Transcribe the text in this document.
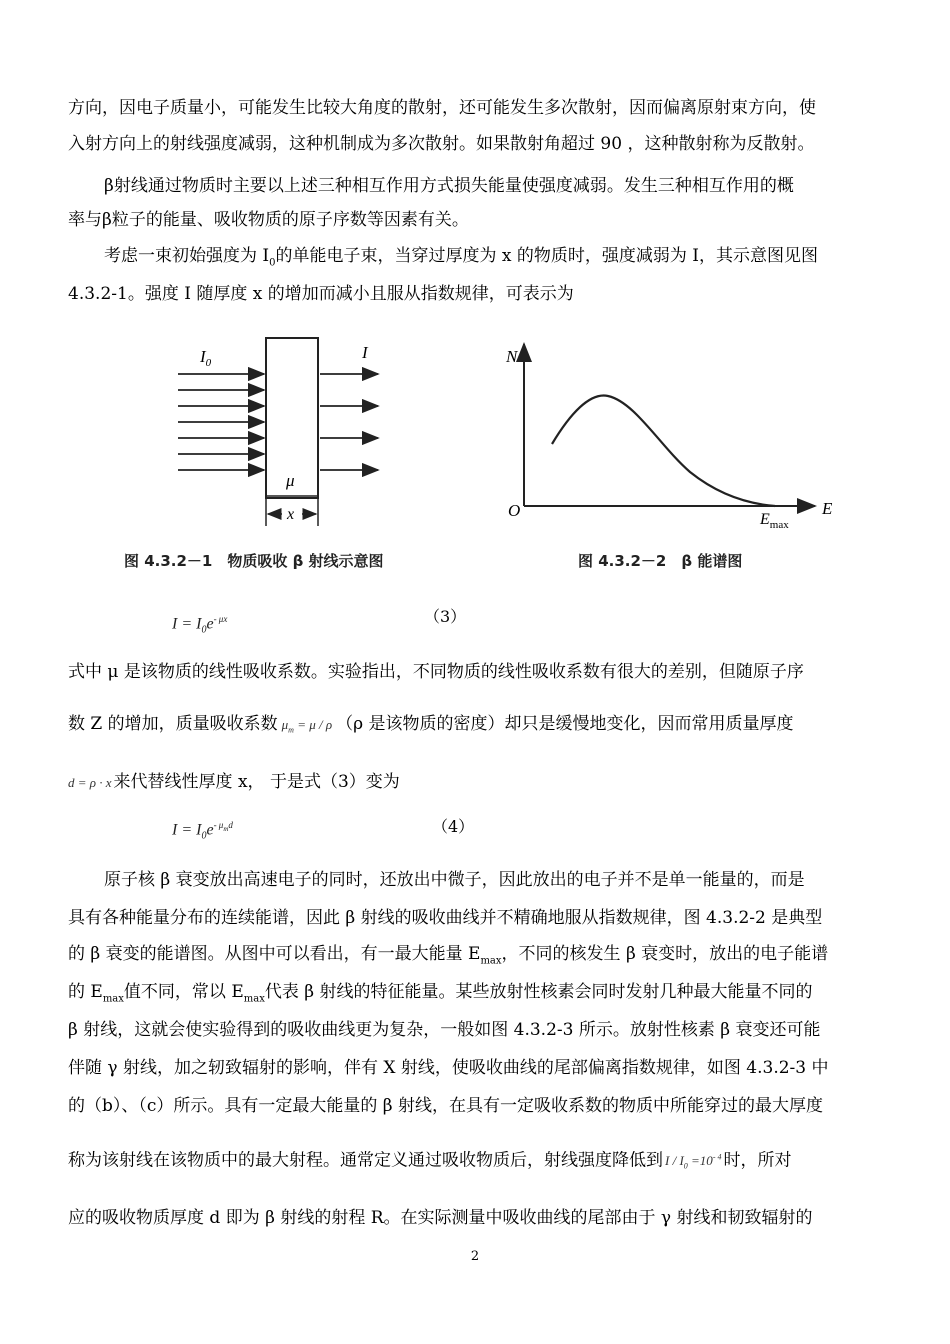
方向，因电子质量小，可能发生比较大角度的散射，还可能发生多次散射，因而偏离原射束方向，使
入射方向上的射线强度减弱，这种机制成为多次散射。如果散射角超过 90 ，这种散射称为反散射。
β射线通过物质时主要以上述三种相互作用方式损失能量使强度减弱。发生三种相互作用的概
率与β粒子的能量、吸收物质的原子序数等因素有关。
考虑一束初始强度为 $I_0$的单能电子束，当穿过厚度为 x 的物质时，强度减弱为 I，其示意图见图
4.3.2-1。强度 I 随厚度 x 的增加而减小且服从指数规律，可表示为
$I_0$
I
μ
x
图 4.3.2－1　物质吸收 β 射线示意图
N
E
O	$E_{max}$
图 4.3.2－2　β 能谱图
$I = I_0e^{- \mu x}$	（3）
式中 μ 是该物质的线性吸收系数。实验指出，不同物质的线性吸收系数有很大的差别，但随原子序
数 Z 的增加，质量吸收系数 $\mu_m = \mu / \rho$ （ρ 是该物质的密度）却只是缓慢地变化，因而常用质量厚度
d = ρ · x 来代替线性厚度 x， 于是式（3）变为
$I = I_0e^{- \mu_md}$	（4）
原子核 β 衰变放出高速电子的同时，还放出中微子，因此放出的电子并不是单一能量的，而是
具有各种能量分布的连续能谱，因此 β 射线的吸收曲线并不精确地服从指数规律，图 4.3.2-2 是典型
的 β 衰变的能谱图。从图中可以看出，有一最大能量 $E_{max}$，不同的核发生 β 衰变时，放出的电子能谱
的 $E_{max}$值不同，常以 $E_{max}$代表 β 射线的特征能量。某些放射性核素会同时发射几种最大能量不同的
β 射线，这就会使实验得到的吸收曲线更为复杂，一般如图 4.3.2-3 所示。放射性核素 β 衰变还可能
伴随 γ 射线，加之轫致辐射的影响，伴有 X 射线，使吸收曲线的尾部偏离指数规律，如图 4.3.2-3 中
的（b）、（c）所示。具有一定最大能量的 β 射线，在具有一定吸收系数的物质中所能穿过的最大厚度
称为该射线在该物质中的最大射程。通常定义通过吸收物质后，射线强度降低到 $I / I_0 =10^{- 4}$ 时，所对
应的吸收物质厚度 d 即为 β 射线的射程 R。在实际测量中吸收曲线的尾部由于 γ 射线和韧致辐射的
2
